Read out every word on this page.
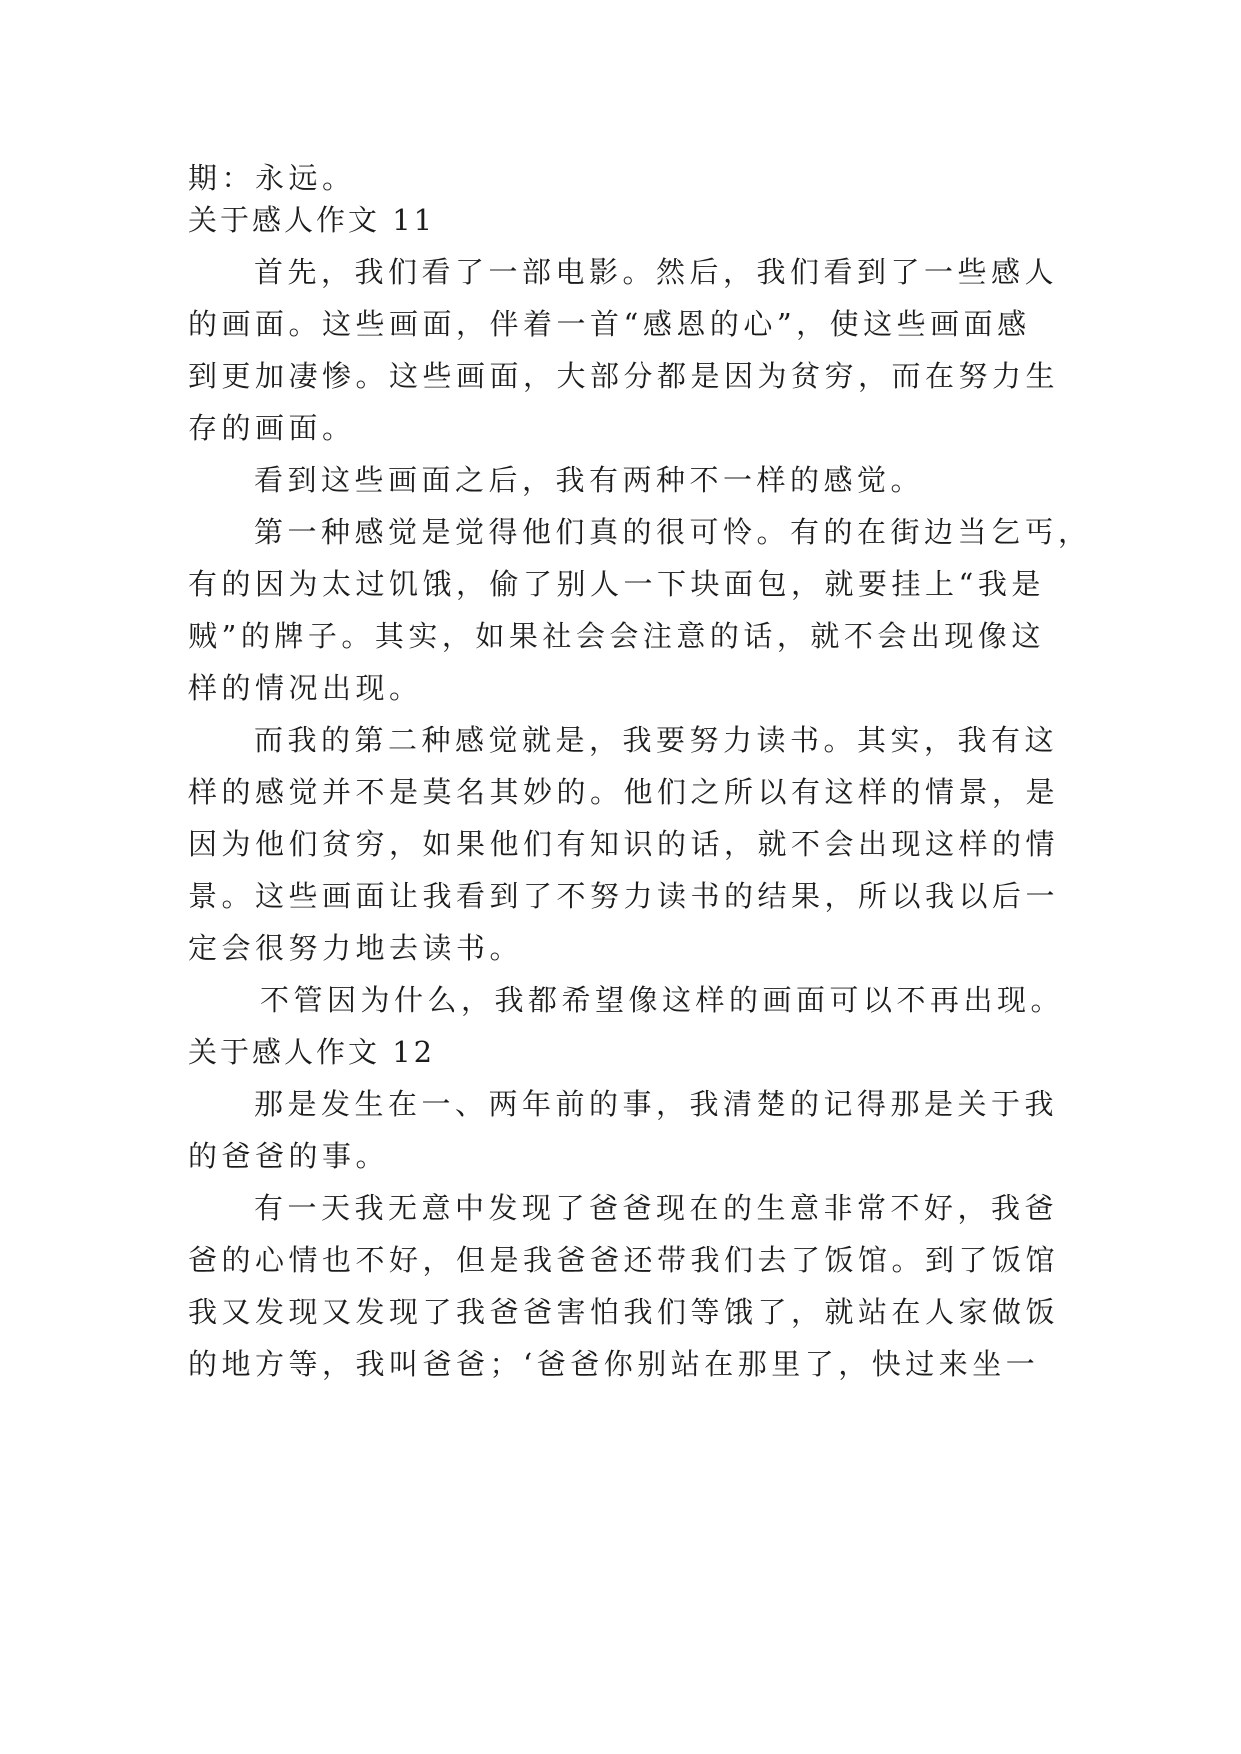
期：永远。
关于感人作文 11
首先，我们看了一部电影。然后，我们看到了一些感人
的画面。这些画面，伴着一首“感恩的心”，使这些画面感
到更加凄惨。这些画面，大部分都是因为贫穷，而在努力生
存的画面。
看到这些画面之后，我有两种不一样的感觉。
第一种感觉是觉得他们真的很可怜。有的在街边当乞丐，
有的因为太过饥饿，偷了别人一下块面包，就要挂上“我是
贼”的牌子。其实，如果社会会注意的话，就不会出现像这
样的情况出现。
而我的第二种感觉就是，我要努力读书。其实，我有这
样的感觉并不是莫名其妙的。他们之所以有这样的情景，是
因为他们贫穷，如果他们有知识的话，就不会出现这样的情
景。这些画面让我看到了不努力读书的结果，所以我以后一
定会很努力地去读书。
不管因为什么，我都希望像这样的画面可以不再出现。
关于感人作文 12
那是发生在一、两年前的事，我清楚的记得那是关于我
的爸爸的事。
有一天我无意中发现了爸爸现在的生意非常不好，我爸
爸的心情也不好，但是我爸爸还带我们去了饭馆。到了饭馆
我又发现又发现了我爸爸害怕我们等饿了，就站在人家做饭
的地方等，我叫爸爸；‘爸爸你别站在那里了，快过来坐一
